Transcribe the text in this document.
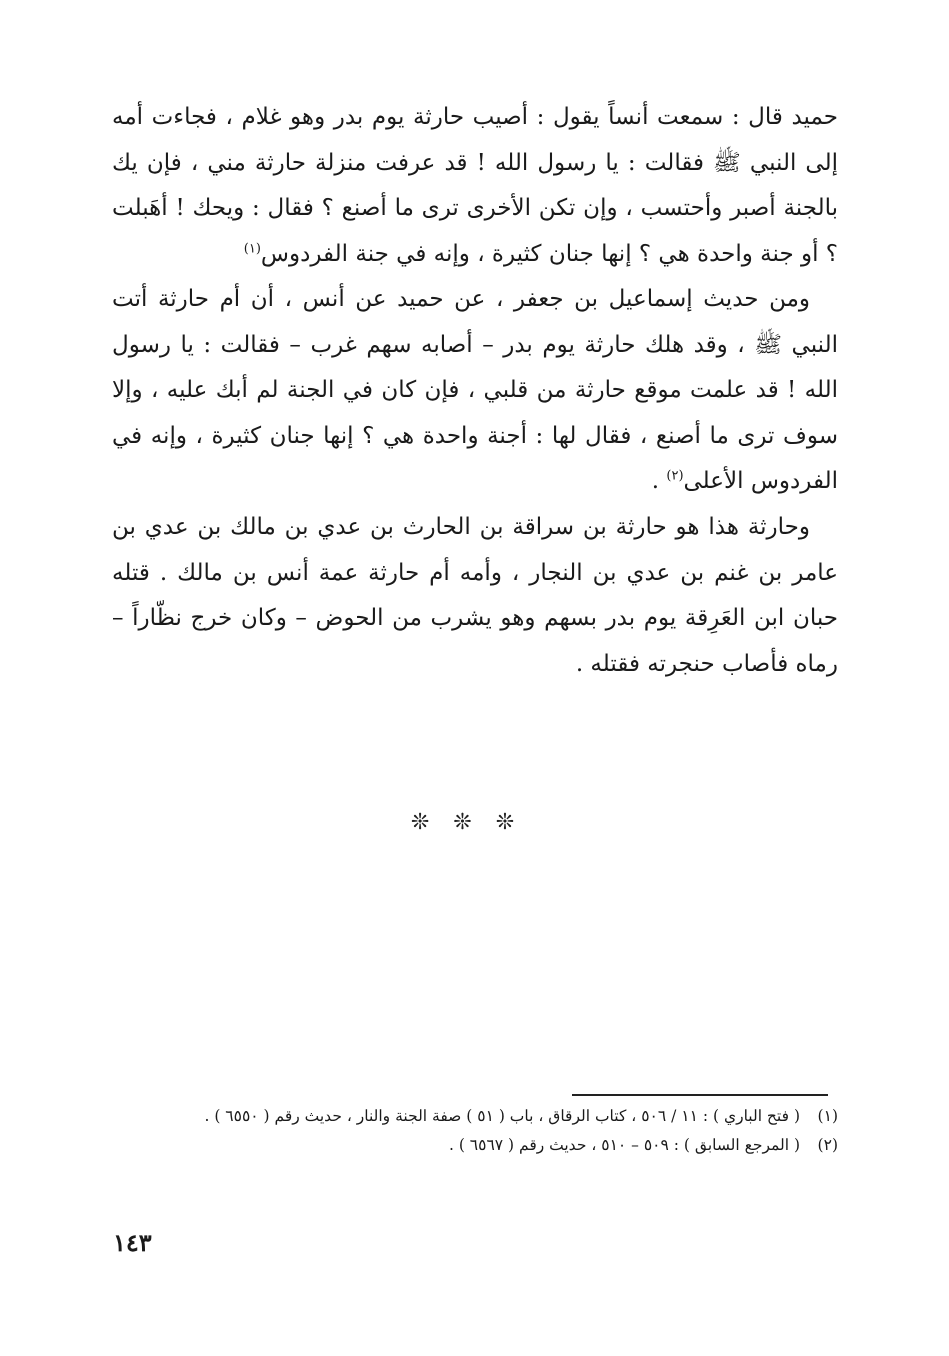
حميد قال : سمعت أنساً يقول : أصيب حارثة يوم بدر وهو غلام ، فجاءت أمه إلى النبي ﷺ فقالت : يا رسول الله ! قد عرفت منزلة حارثة مني ، فإن يك بالجنة أصبر وأحتسب ، وإن تكن الأخرى ترى ما أصنع ؟ فقال : ويحك ! أهَبلت ؟ أو جنة واحدة هي ؟ إنها جنان كثيرة ، وإنه في جنة الفردوس$^{(١)}$

ومن حديث إسماعيل بن جعفر ، عن حميد عن أنس ، أن أم حارثة أتت النبي ﷺ ، وقد هلك حارثة يوم بدر – أصابه سهم غرب – فقالت : يا رسول الله ! قد علمت موقع حارثة من قلبي ، فإن كان في الجنة لم أبك عليه ، وإلا سوف ترى ما أصنع ، فقال لها : أجنة واحدة هي ؟ إنها جنان كثيرة ، وإنه في الفردوس الأعلى$^{(٢)}$ .

وحارثة هذا هو حارثة بن سراقة بن الحارث بن عدي بن مالك بن عدي بن عامر بن غنم بن عدي بن النجار ، وأمه أم حارثة عمة أنس بن مالك . قتله حبان ابن العَرِقة يوم بدر بسهم وهو يشرب من الحوض – وكان خرج نظّاراً – رماه فأصاب حنجرته فقتله .

❊❊❊
(١)
( فتح الباري ) : ١١ / ٥٠٦ ، كتاب الرقاق ، باب ( ٥١ ) صفة الجنة والنار ، حديث رقم ( ٦٥٥٠ ) .
(٢)
( المرجع السابق ) : ٥٠٩ – ٥١٠ ، حديث رقم ( ٦٥٦٧ ) .
١٤٣
